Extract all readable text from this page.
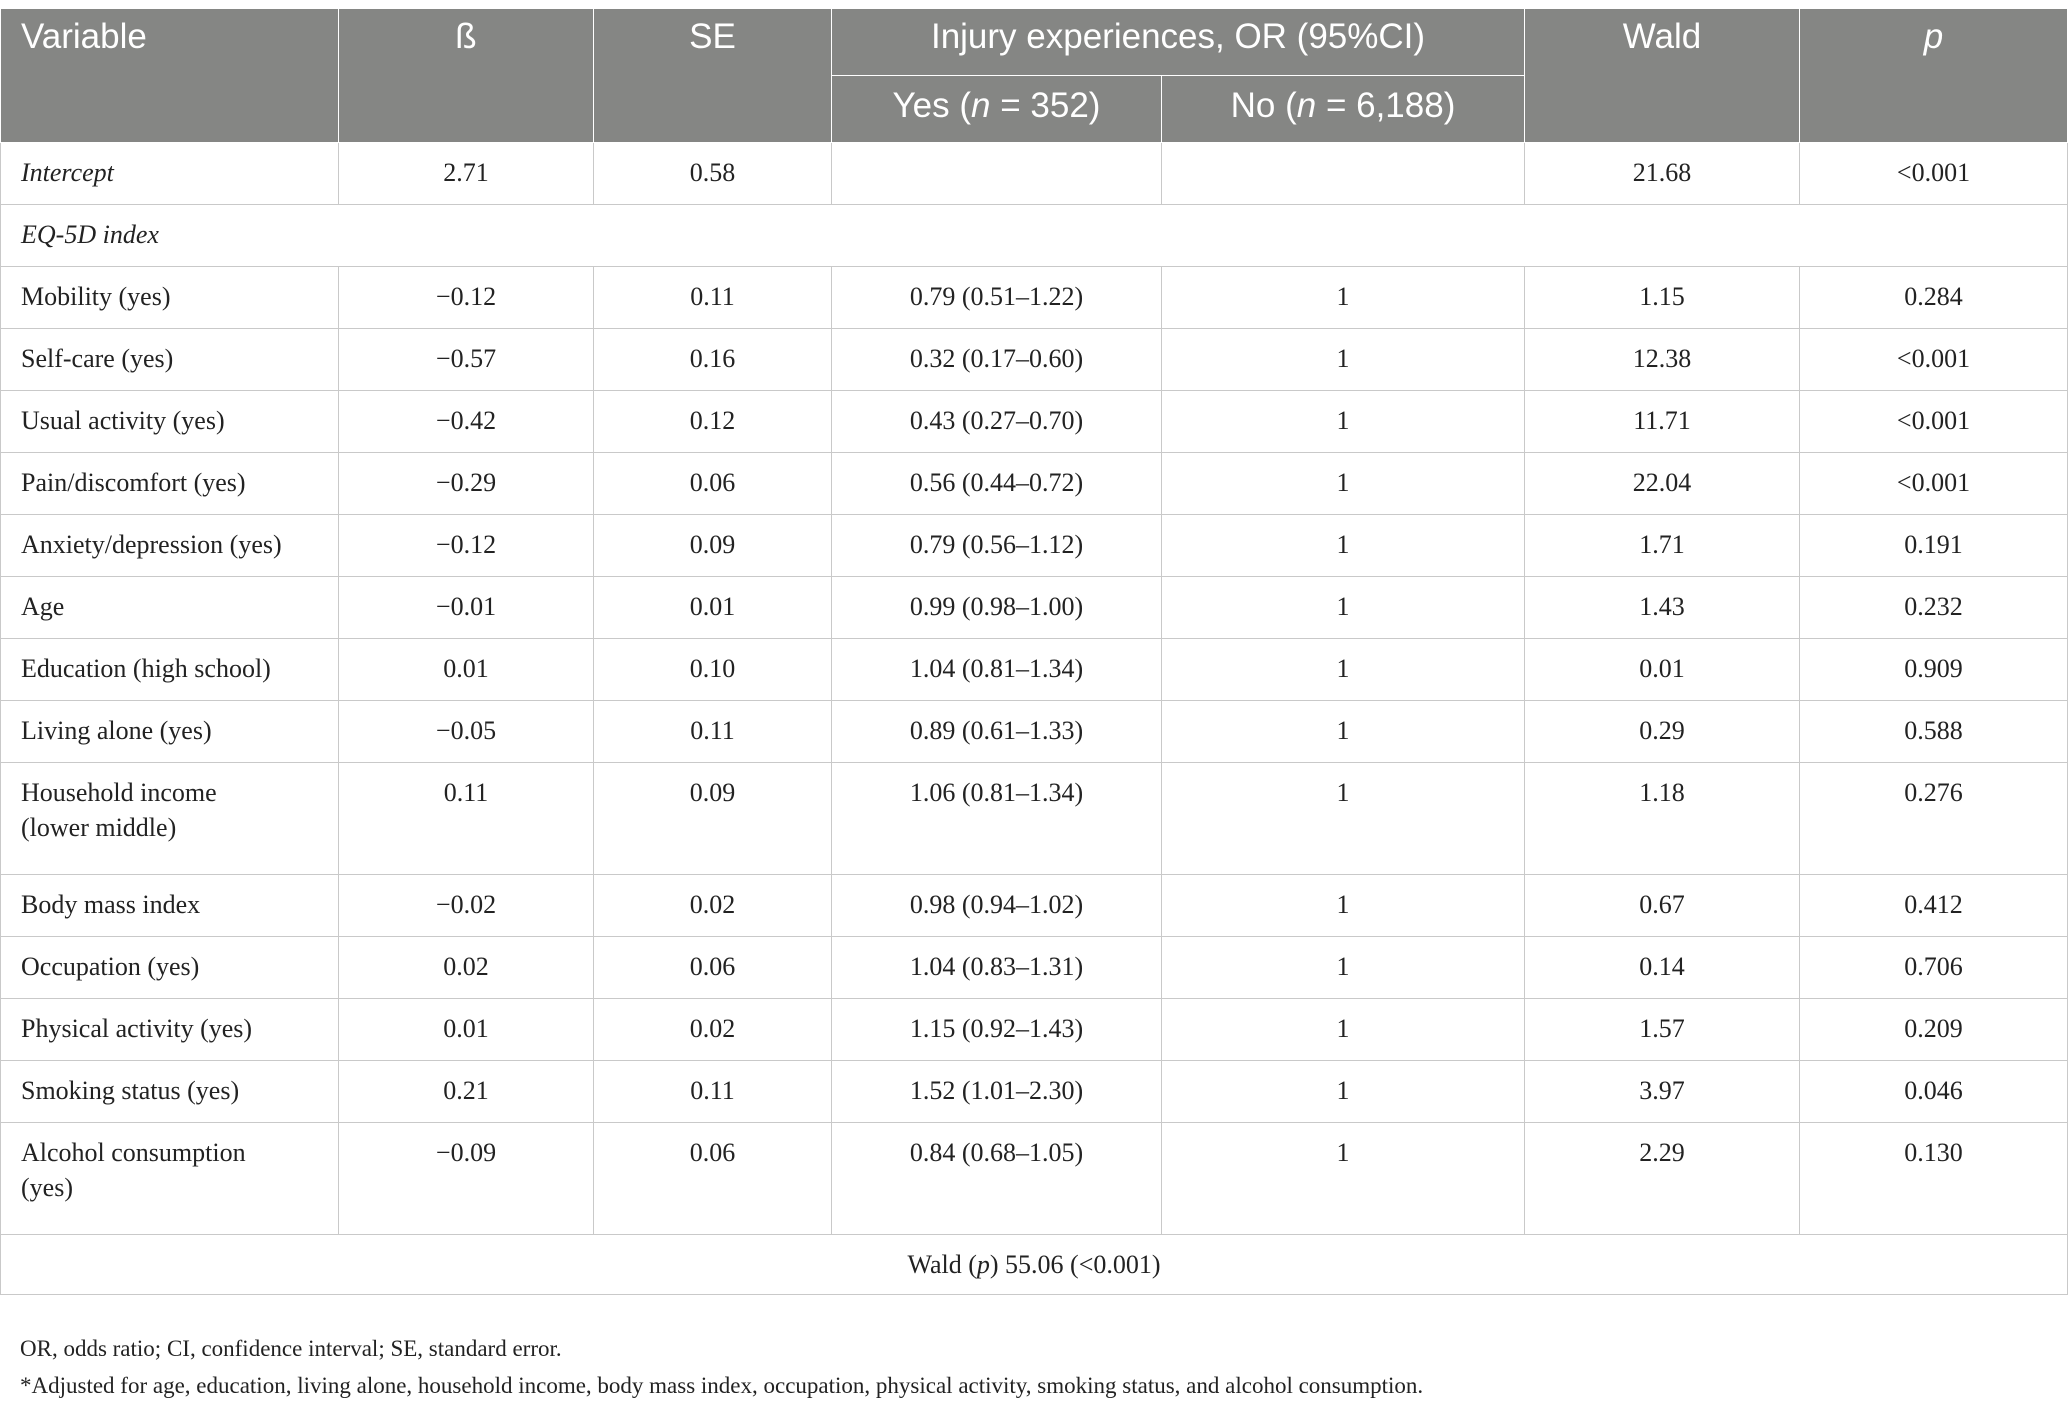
Variable	ß	SE	Injury experiences, OR (95%CI)		Wald	p
			Yes (n = 352)	No (n = 6,188)		
Intercept	2.71	0.58			21.68	<0.001
EQ-5D index						
Mobility (yes)	−0.12	0.11	0.79 (0.51–1.22)	1	1.15	0.284
Self-care (yes)	−0.57	0.16	0.32 (0.17–0.60)	1	12.38	<0.001
Usual activity (yes)	−0.42	0.12	0.43 (0.27–0.70)	1	11.71	<0.001
Pain/discomfort (yes)	−0.29	0.06	0.56 (0.44–0.72)	1	22.04	<0.001
Anxiety/depression (yes)	−0.12	0.09	0.79 (0.56–1.12)	1	1.71	0.191
Age	−0.01	0.01	0.99 (0.98–1.00)	1	1.43	0.232
Education (high school)	0.01	0.10	1.04 (0.81–1.34)	1	0.01	0.909
Living alone (yes)	−0.05	0.11	0.89 (0.61–1.33)	1	0.29	0.588
Household income
(lower middle)	0.11	0.09	1.06 (0.81–1.34)	1	1.18	0.276
Body mass index	−0.02	0.02	0.98 (0.94–1.02)	1	0.67	0.412
Occupation (yes)	0.02	0.06	1.04 (0.83–1.31)	1	0.14	0.706
Physical activity (yes)	0.01	0.02	1.15 (0.92–1.43)	1	1.57	0.209
Smoking status (yes)	0.21	0.11	1.52 (1.01–2.30)	1	3.97	0.046
Alcohol consumption
(yes)	−0.09	0.06	0.84 (0.68–1.05)	1	2.29	0.130
Wald (p) 55.06 (<0.001)						

OR, odds ratio; CI, confidence interval; SE, standard error.

*Adjusted for age, education, living alone, household income, body mass index, occupation, physical activity, smoking status, and alcohol consumption.
